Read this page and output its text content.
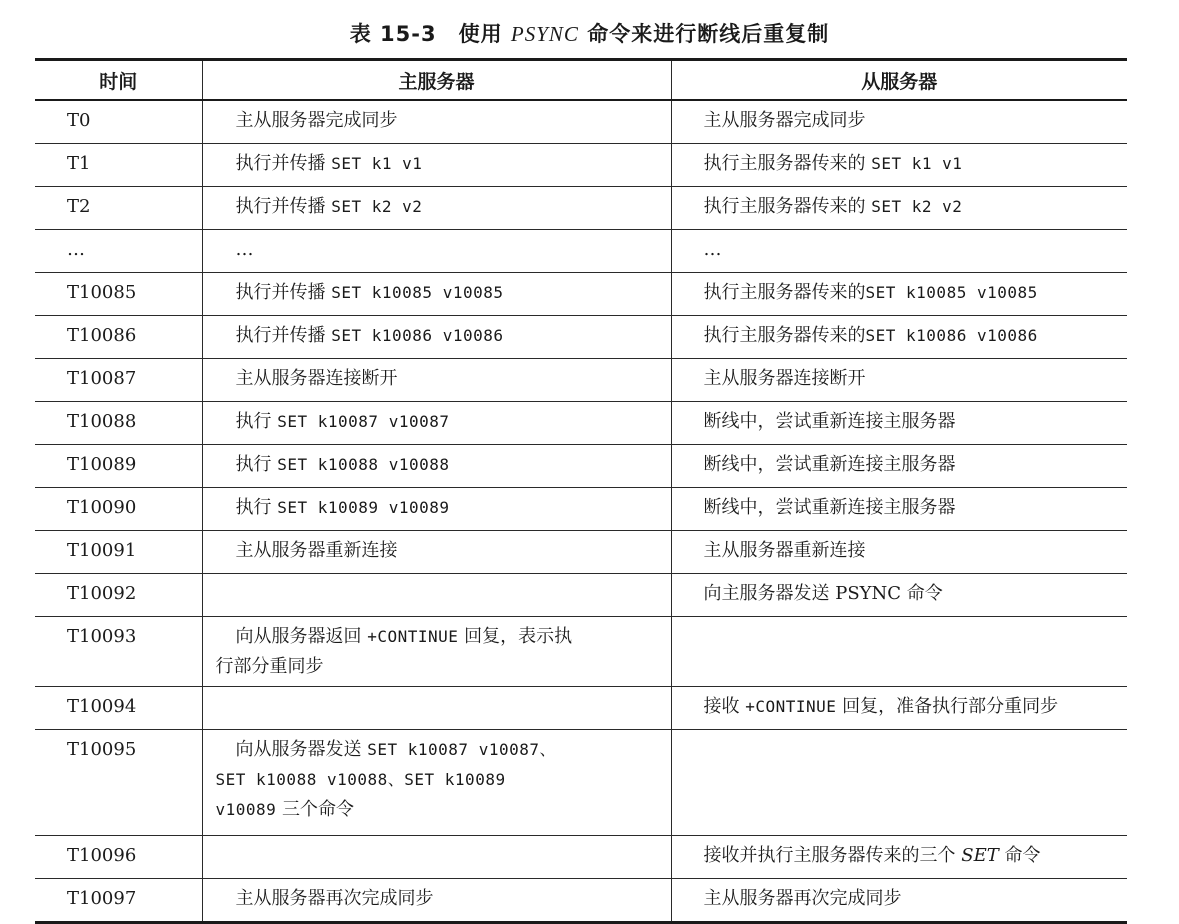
表 15-3　使用 PSYNC 命令来进行断线后重复制
时间	主服务器	从服务器
T0	主从服务器完成同步	主从服务器完成同步
T1	执行并传播 SET k1 v1	执行主服务器传来的 SET k1 v1
T2	执行并传播 SET k2 v2	执行主服务器传来的 SET k2 v2
…	…	…
T10085	执行并传播 SET k10085 v10085	执行主服务器传来的SET k10085 v10085
T10086	执行并传播 SET k10086 v10086	执行主服务器传来的SET k10086 v10086
T10087	主从服务器连接断开	主从服务器连接断开
T10088	执行 SET k10087 v10087	断线中，尝试重新连接主服务器
T10089	执行 SET k10088 v10088	断线中，尝试重新连接主服务器
T10090	执行 SET k10089 v10089	断线中，尝试重新连接主服务器
T10091	主从服务器重新连接	主从服务器重新连接
T10092		向主服务器发送 PSYNC 命令
T10093	向从服务器返回 +CONTINUE 回复，表示执
行部分重同步	
T10094		接收 +CONTINUE 回复，准备执行部分重同步
T10095	向从服务器发送 SET k10087 v10087、
SET k10088 v10088、SET k10089
v10089 三个命令	
T10096		接收并执行主服务器传来的三个 SET 命令
T10097	主从服务器再次完成同步	主从服务器再次完成同步
